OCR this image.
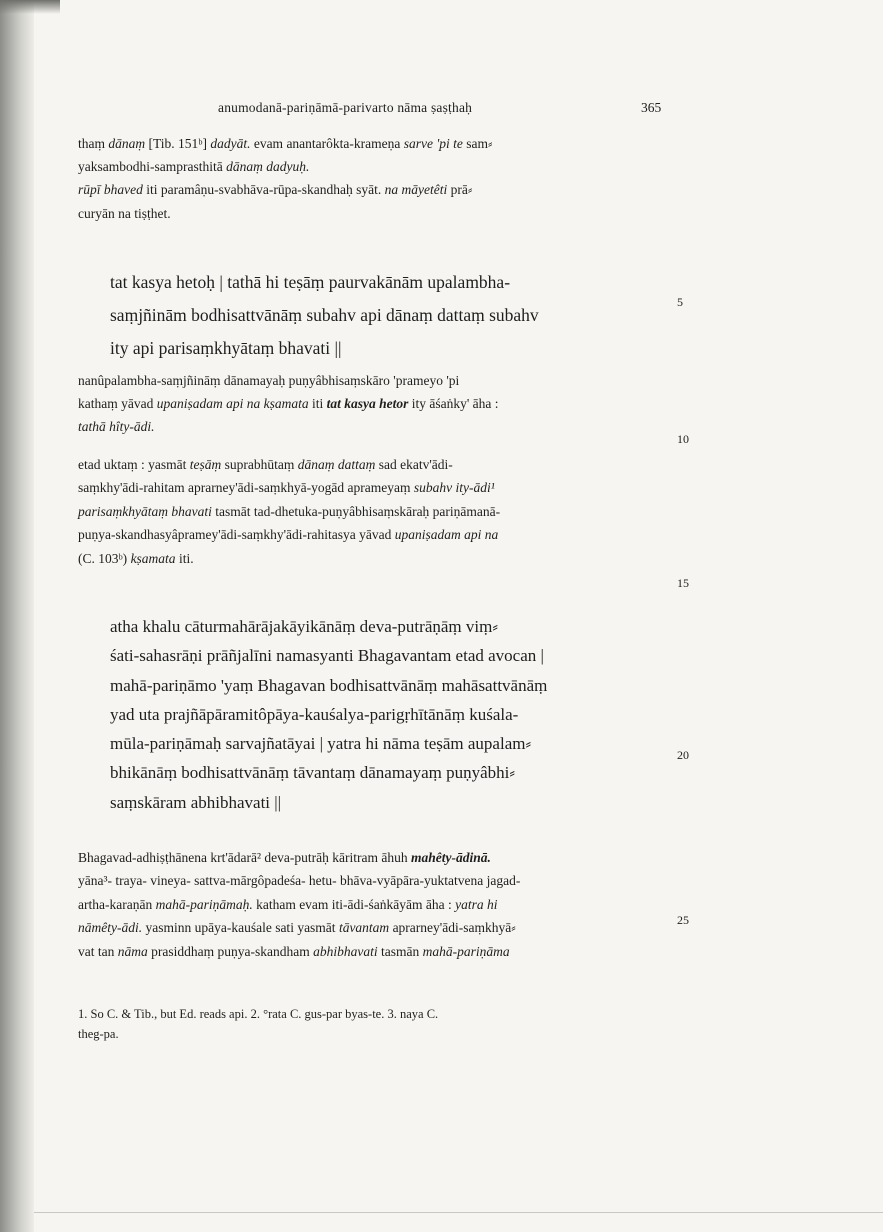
anumodanā-pariṇāmā-parivarto nāma ṣaṣṭhaḥ	365
thaṃ dānaṃ [Tib. 151ᵇ] dadyāt. evam anantarôkta-krameṇa sarve 'pi te sam⸗
yaksambodhi-samprasthitā dānaṃ dadyuḥ.
rūpī bhaved iti paramâṇu-svabhāva-rūpa-skandhaḥ syāt. na māyetêti prā⸗
curyān na tiṣṭhet.
tat kasya hetoḥ | tathā hi teṣāṃ paurvakānām upalambha-
saṃjñinām bodhisattvānāṃ subahv api dānaṃ dattaṃ subahv
ity api parisaṃkhyātaṃ bhavati ||
nanûpalambha-saṃjñināṃ dānamayaḥ puṇyâbhisaṃskāro 'prameyo 'pi
kathaṃ yāvad upaniṣadam api na kṣamata iti tat kasya hetor ity āśaṅky' āha :
tathā hîty-ādi.
etad uktaṃ : yasmāt teṣāṃ suprabhūtaṃ dānaṃ dattaṃ sad ekatv'ādi-
saṃkhy'ādi-rahitam aprarney'ādi-saṃkhyā-yogād aprameyaṃ subahv ity-ādi¹
parisaṃkhyātaṃ bhavati tasmāt tad-dhetuka-puṇyâbhisaṃskāraḥ pariṇāmanā-
puṇya-skandhasyâpramey'ādi-saṃkhy'ādi-rahitasya yāvad upaniṣadam api na
(C. 103ᵇ) kṣamata iti.
atha khalu cāturmahārājakāyikānāṃ deva-putrāṇāṃ viṃ⸗
śati-sahasrāṇi prāñjalīni namasyanti Bhagavantam etad avocan |
mahā-pariṇāmo 'yaṃ Bhagavan bodhisattvānāṃ mahāsattvānāṃ
yad uta prajñāpāramitôpāya-kauśalya-parigṛhītānāṃ kuśala-
mūla-pariṇāmaḥ sarvajñatāyai | yatra hi nāma teṣām aupalam⸗
bhikānāṃ bodhisattvānāṃ tāvantaṃ dānamayaṃ puṇyâbhi⸗
saṃskāram abhibhavati ||
Bhagavad-adhiṣṭhānena krt'ādarā² deva-putrāḥ kāritram āhuh mahêty-ādinā.
yāna³- traya- vineya- sattva-mārgôpadeśa- hetu- bhāva-vyāpāra-yuktatvena jagad-
artha-karaṇān mahā-pariṇāmaḥ. katham evam iti-ādi-śaṅkāyām āha : yatra hi
nāmêty-ādi. yasminn upāya-kauśale sati yasmāt tāvantam aprarney'ādi-saṃkhyā⸗
vat tan nāma prasiddhaṃ puṇya-skandham abhibhavati tasmān mahā-pariṇāma
1. So C. & Tib., but Ed. reads api. 2. °rata C. gus-par byas-te. 3. naya C.
theg-pa.
5
10
15
20
25
